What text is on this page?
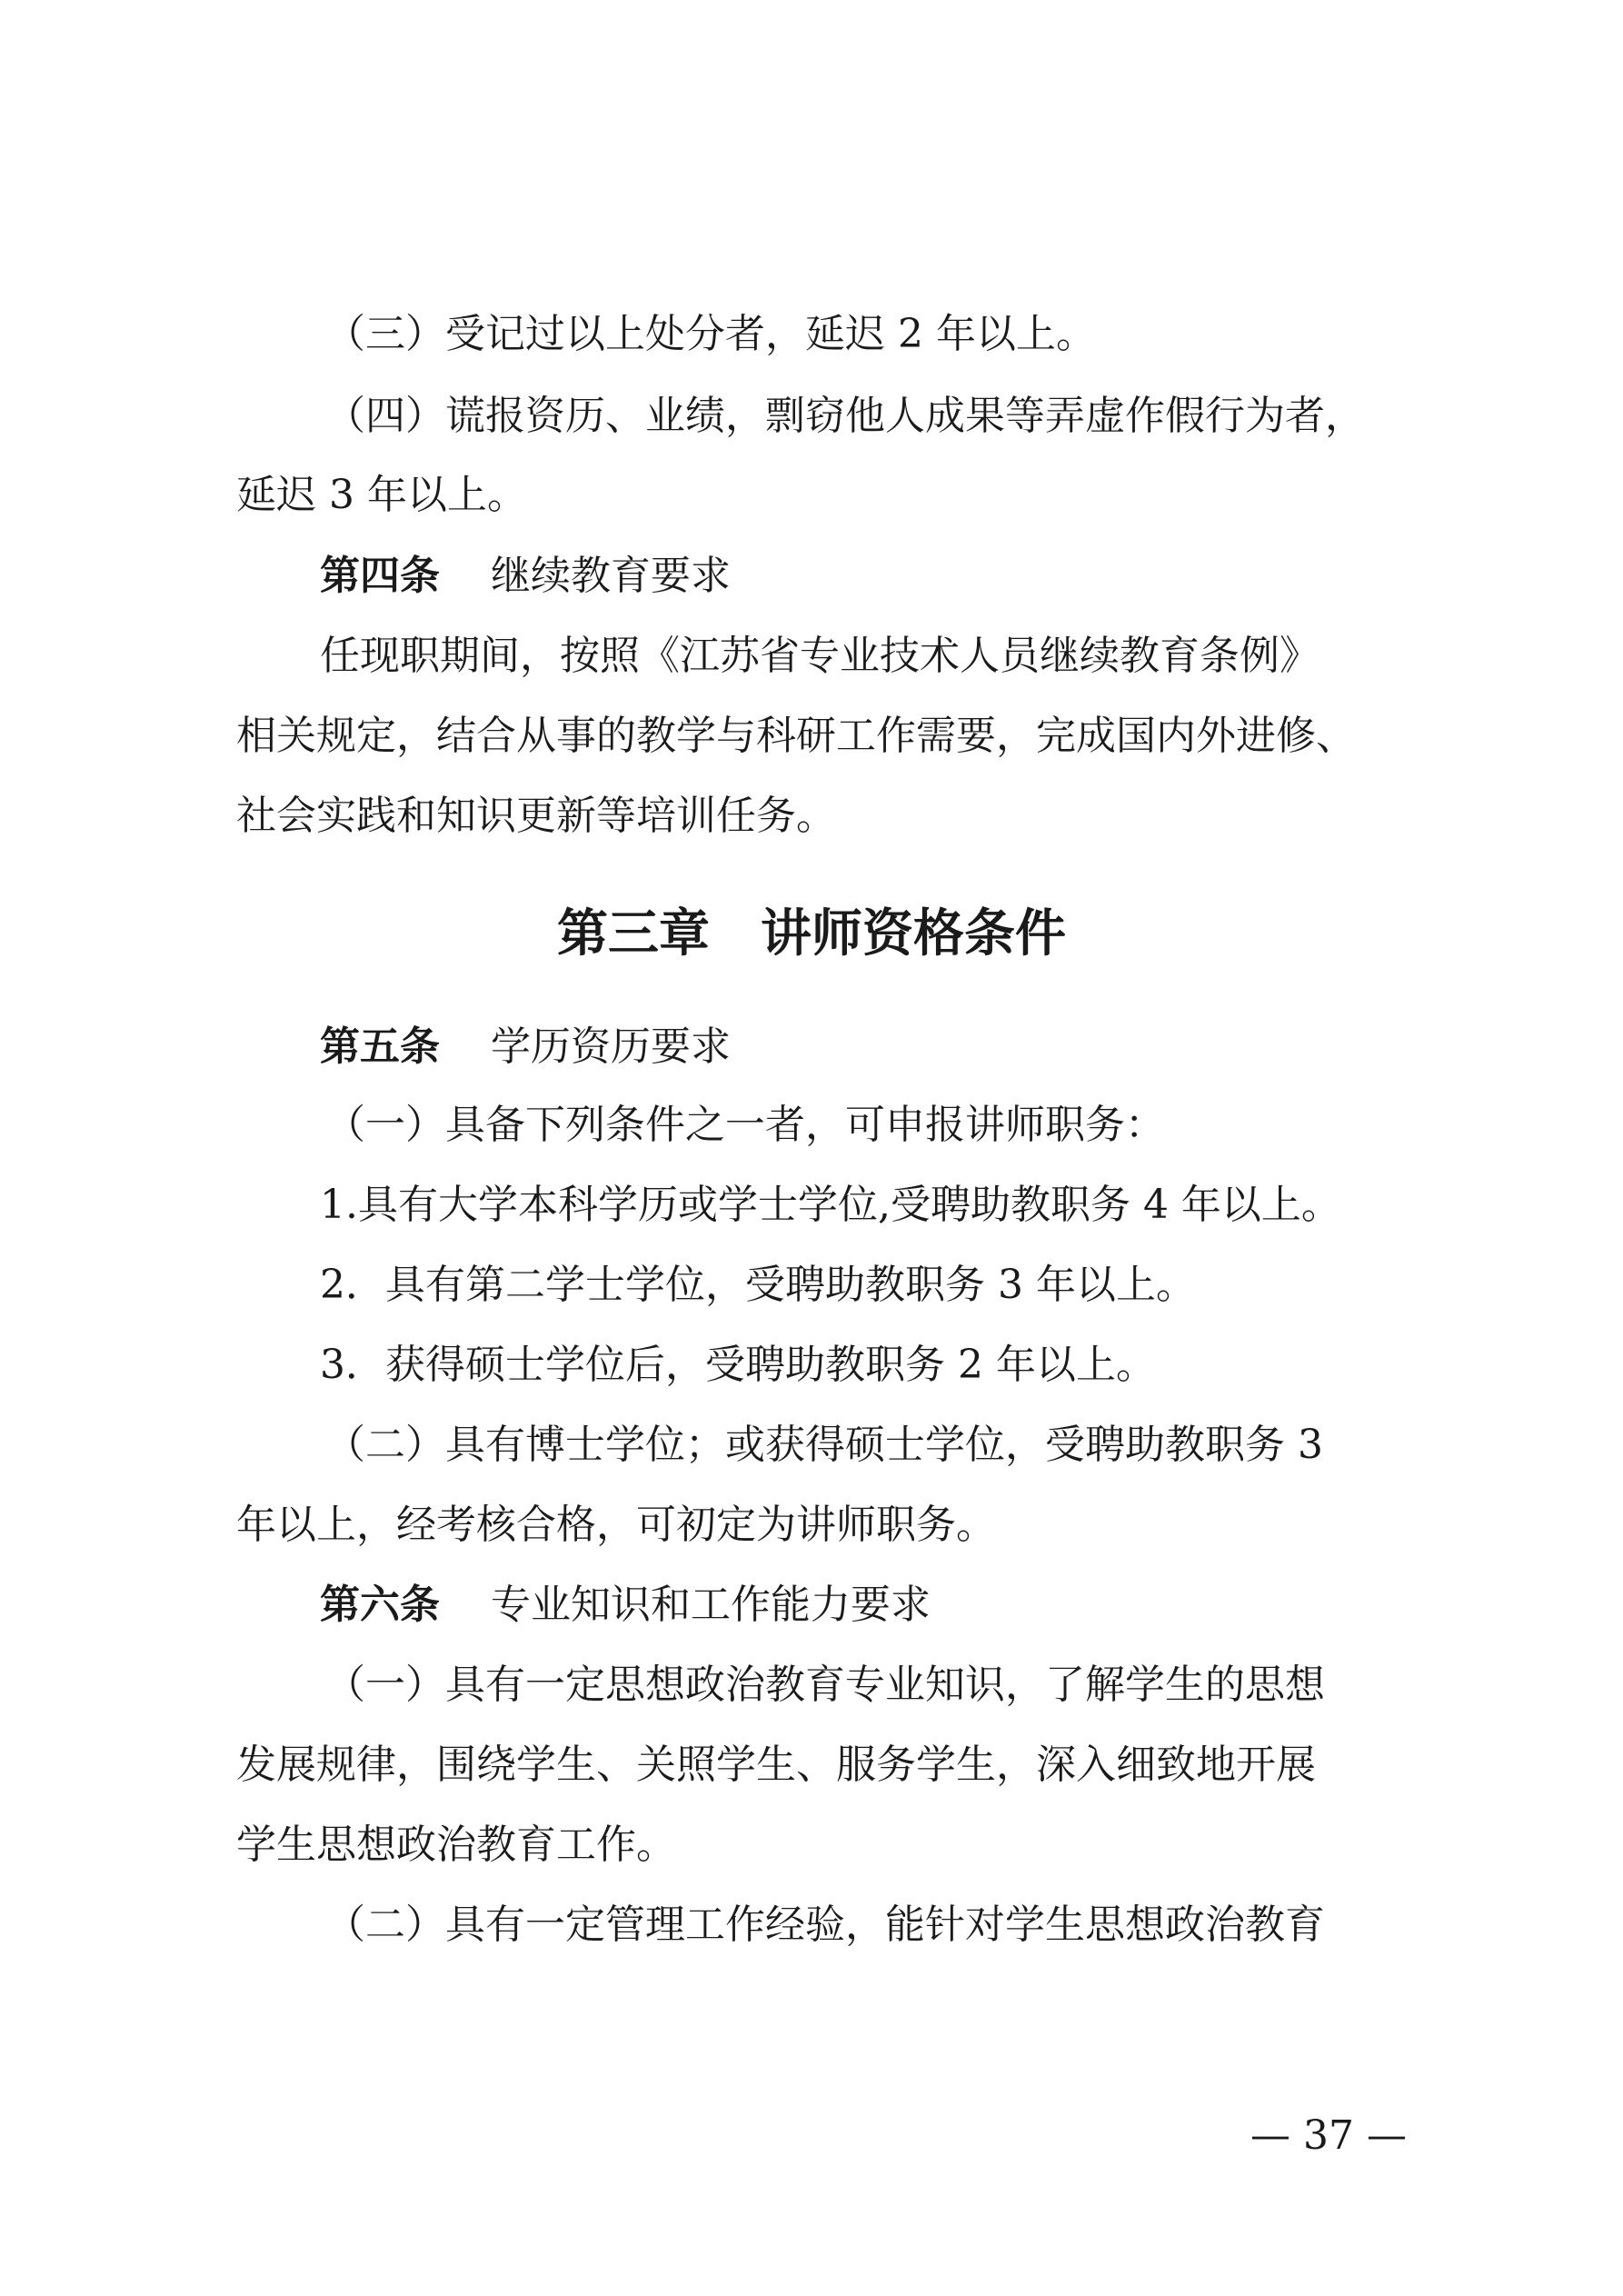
（三）受记过以上处分者，延迟 2 年以上。
（四）谎报资历、业绩，剽窃他人成果等弄虚作假行为者，
延迟 3 年以上。
第四条 继续教育要求
任现职期间，按照《江苏省专业技术人员继续教育条例》
相关规定，结合从事的教学与科研工作需要，完成国内外进修、
社会实践和知识更新等培训任务。
第三章　讲师资格条件
第五条 学历资历要求
（一）具备下列条件之一者，可申报讲师职务：
1.具有大学本科学历或学士学位,受聘助教职务 4 年以上。
2．具有第二学士学位，受聘助教职务 3 年以上。
3．获得硕士学位后，受聘助教职务 2 年以上。
（二）具有博士学位；或获得硕士学位，受聘助教职务 3
年以上，经考核合格，可初定为讲师职务。
第六条 专业知识和工作能力要求
（一）具有一定思想政治教育专业知识，了解学生的思想
发展规律，围绕学生、关照学生、服务学生，深入细致地开展
学生思想政治教育工作。
（二）具有一定管理工作经验，能针对学生思想政治教育
— 37 —
